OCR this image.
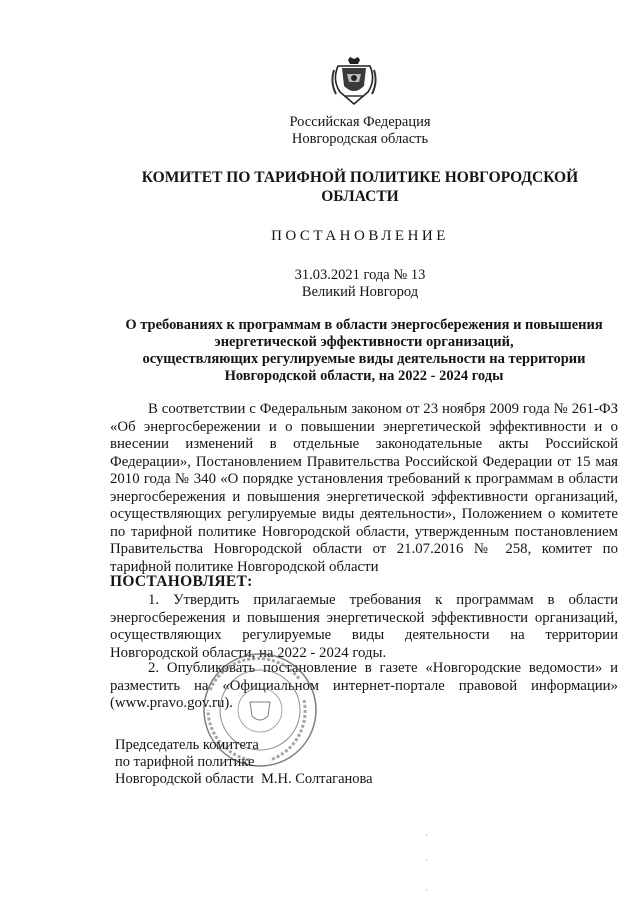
Российская Федерация
Новгородская область
КОМИТЕТ ПО ТАРИФНОЙ ПОЛИТИКЕ НОВГОРОДСКОЙ ОБЛАСТИ
ПОСТАНОВЛЕНИЕ
31.03.2021 года № 13
Великий Новгород
О требованиях к программам в области энергосбережения и повышения
энергетической эффективности организаций,
осуществляющих регулируемые виды деятельности на территории
Новгородской области, на 2022 - 2024 годы
В соответствии с Федеральным законом от 23 ноября 2009 года № 261-ФЗ «Об энергосбережении и о повышении энергетической эффективности и о внесении изменений в отдельные законодательные акты Российской Федерации», Постановлением Правительства Российской Федерации от 15 мая 2010 года № 340 «О порядке установления требований к программам в области энергосбережения и повышения энергетической эффективности организаций, осуществляющих регулируемые виды деятельности», Положением о комитете по тарифной политике Новгородской области, утвержденным постановлением Правительства Новгородской области от 21.07.2016 № 258, комитет по тарифной политике Новгородской области
ПОСТАНОВЛЯЕТ:
1. Утвердить прилагаемые требования к программам в области энергосбережения и повышения энергетической эффективности организаций, осуществляющих регулируемые виды деятельности на территории Новгородской области, на 2022 - 2024 годы.
2. Опубликовать постановление в газете «Новгородские ведомости» и разместить на «Официальном интернет-портале правовой информации» (www.pravo.gov.ru).
Председатель комитета
по тарифной политике
Новгородской области М.Н. Солтаганова
·
·
·
